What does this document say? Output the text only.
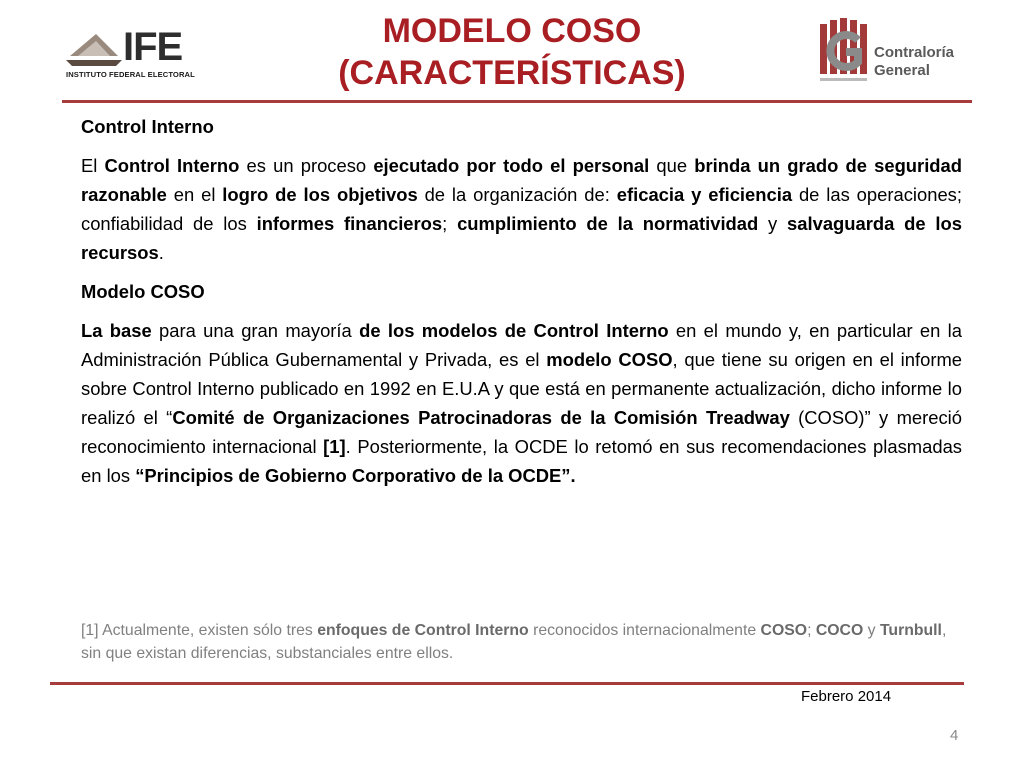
IFE
INSTITUTO FEDERAL ELECTORAL
MODELO COSO
(CARACTERÍSTICAS)
Contraloría
General

Control Interno

El Control Interno es un proceso ejecutado por todo el personal que brinda un grado de seguridad razonable en el logro de los objetivos de la organización de: eficacia y eficiencia de las operaciones; confiabilidad de los informes financieros; cumplimiento de la normatividad y salvaguarda de los recursos.

Modelo COSO

La base para una gran mayoría de los modelos de Control Interno en el mundo y, en particular en la Administración Pública Gubernamental y Privada, es el modelo COSO, que tiene su origen en el informe sobre Control Interno publicado en 1992 en E.U.A y que está en permanente actualización, dicho informe lo realizó el “Comité de Organizaciones Patrocinadoras de la Comisión Treadway (COSO)” y mereció reconocimiento internacional [1]. Posteriormente, la OCDE lo retomó en sus recomendaciones plasmadas en los “Principios de Gobierno Corporativo de la OCDE”.

[1] Actualmente, existen sólo tres enfoques de Control Interno reconocidos internacionalmente COSO; COCO y Turnbull, sin que existan diferencias, substanciales entre ellos.
Febrero 2014
4
